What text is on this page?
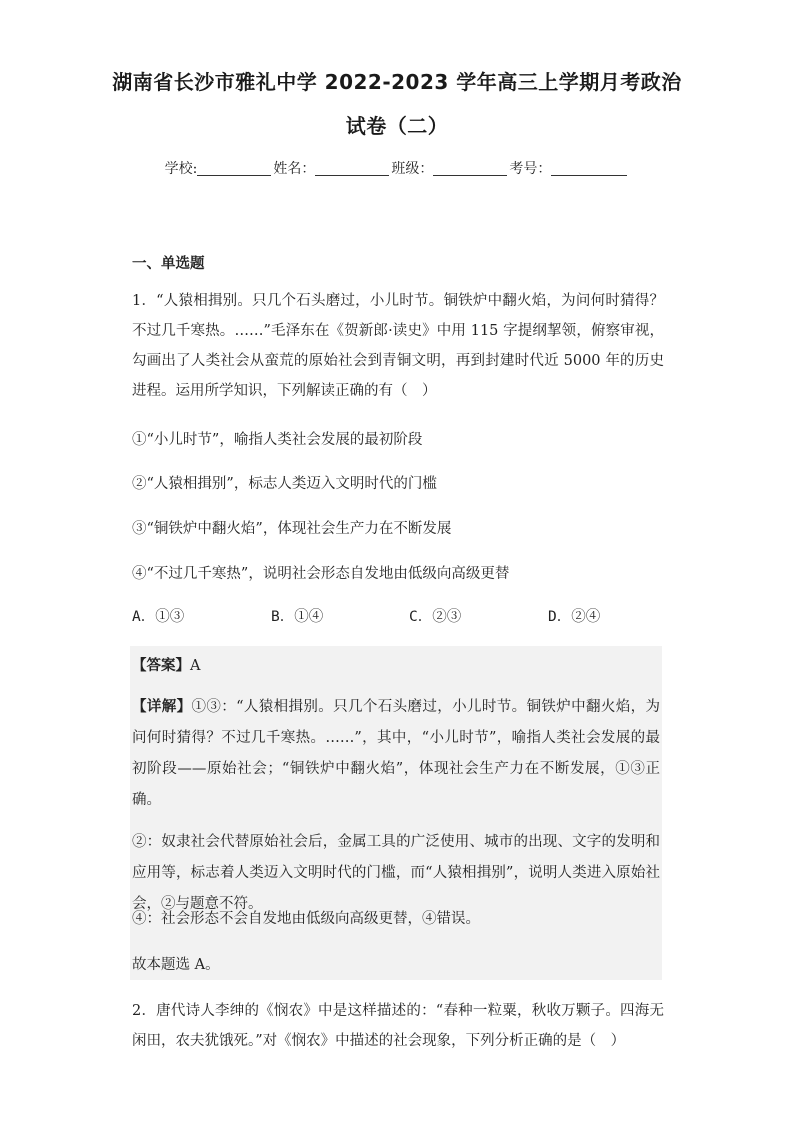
湖南省长沙市雅礼中学 2022-2023 学年高三上学期月考政治
试卷（二）
学校:	姓名：	班级：	考号：
一、单选题
1．“人猿相揖别。只几个石头磨过，小儿时节。铜铁炉中翻火焰，为问何时猜得？不过几千寒热。……”毛泽东在《贺新郎·读史》中用 115 字提纲挈领，俯察审视，勾画出了人类社会从蛮荒的原始社会到青铜文明，再到封建时代近 5000 年的历史进程。运用所学知识，下列解读正确的有（　）
①“小儿时节”，喻指人类社会发展的最初阶段
②“人猿相揖别”，标志人类迈入文明时代的门槛
③“铜铁炉中翻火焰”，体现社会生产力在不断发展
④“不过几千寒热”，说明社会形态自发地由低级向高级更替
A．①③	B．①④	C．②③	D．②④
【答案】A
【详解】①③：“人猿相揖别。只几个石头磨过，小儿时节。铜铁炉中翻火焰，为问何时猜得？不过几千寒热。……”，其中，“小儿时节”，喻指人类社会发展的最初阶段——原始社会；“铜铁炉中翻火焰”，体现社会生产力在不断发展，①③正确。
②：奴隶社会代替原始社会后，金属工具的广泛使用、城市的出现、文字的发明和应用等，标志着人类迈入文明时代的门槛，而“人猿相揖别”，说明人类进入原始社会，②与题意不符。
④：社会形态不会自发地由低级向高级更替，④错误。
故本题选 A。
2．唐代诗人李绅的《悯农》中是这样描述的：“春种一粒粟，秋收万颗子。四海无闲田，农夫犹饿死。”对《悯农》中描述的社会现象，下列分析正确的是（　）
